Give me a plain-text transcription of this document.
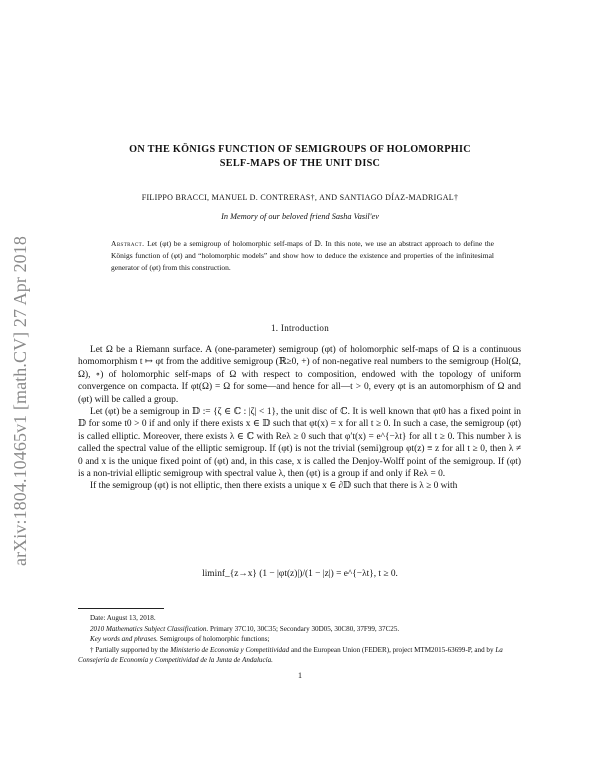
arXiv:1804.10465v1 [math.CV] 27 Apr 2018
ON THE KÖNIGS FUNCTION OF SEMIGROUPS OF HOLOMORPHIC
SELF-MAPS OF THE UNIT DISC
FILIPPO BRACCI, MANUEL D. CONTRERAS†, AND SANTIAGO DÍAZ-MADRIGAL†
In Memory of our beloved friend Sasha Vasil'ev
Abstract. Let (φt) be a semigroup of holomorphic self-maps of 𝔻. In this note, we use an abstract approach to define the Königs function of (φt) and “holomorphic models” and show how to deduce the existence and properties of the infinitesimal generator of (φt) from this construction.
1. Introduction

Let Ω be a Riemann surface. A (one-parameter) semigroup (φt) of holomorphic self-maps of Ω is a continuous homomorphism t ↦ φt from the additive semigroup (ℝ≥0, +) of non-negative real numbers to the semigroup (Hol(Ω, Ω), ∘) of holomorphic self-maps of Ω with respect to composition, endowed with the topology of uniform convergence on compacta. If φt(Ω) = Ω for some—and hence for all—t > 0, every φt is an automorphism of Ω and (φt) will be called a group.

Let (φt) be a semigroup in 𝔻 := {ζ ∈ ℂ : |ζ| < 1}, the unit disc of ℂ. It is well known that φt0 has a fixed point in 𝔻 for some t0 > 0 if and only if there exists x ∈ 𝔻 such that φt(x) = x for all t ≥ 0. In such a case, the semigroup (φt) is called elliptic. Moreover, there exists λ ∈ ℂ with Reλ ≥ 0 such that φ′t(x) = e^{−λt} for all t ≥ 0. This number λ is called the spectral value of the elliptic semigroup. If (φt) is not the trivial (semi)group φt(z) ≡ z for all t ≥ 0, then λ ≠ 0 and x is the unique fixed point of (φt) and, in this case, x is called the Denjoy-Wolff point of the semigroup. If (φt) is a non-trivial elliptic semigroup with spectral value λ, then (φt) is a group if and only if Reλ = 0.

If the semigroup (φt) is not elliptic, then there exists a unique x ∈ ∂𝔻 such that there is λ ≥ 0 with

liminf_{z→x} (1 − |φt(z)|)/(1 − |z|) = e^{−λt}, t ≥ 0.
Date: August 13, 2018.
2010 Mathematics Subject Classification. Primary 37C10, 30C35; Secondary 30D05, 30C80, 37F99, 37C25.
Key words and phrases. Semigroups of holomorphic functions;
† Partially supported by the Ministerio de Economía y Competitividad and the European Union (FEDER), project MTM2015-63699-P, and by La Consejería de Economía y Competitividad de la Junta de Andalucía.
1
